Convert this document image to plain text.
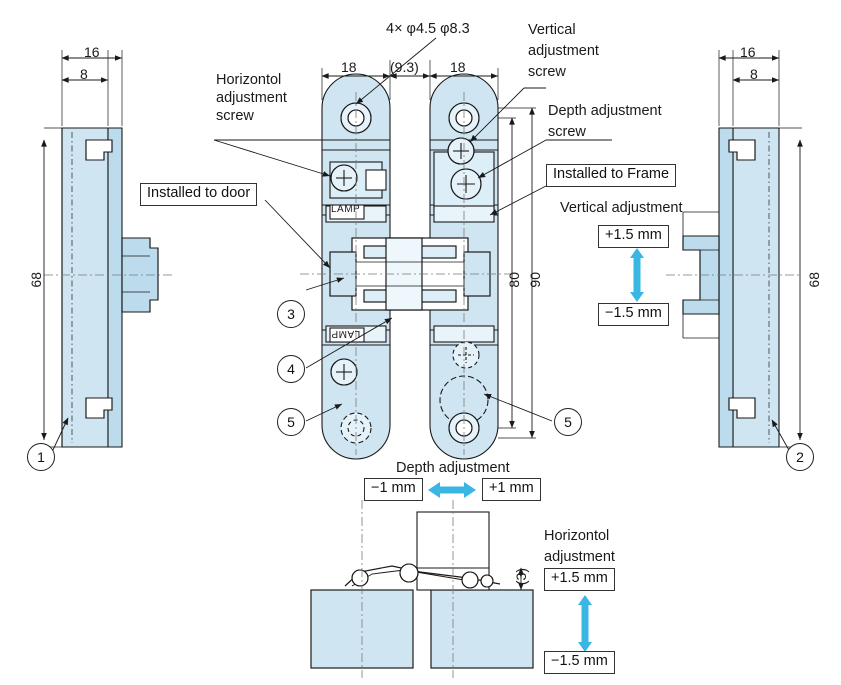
4× φ4.5 φ8.3
Horizontol
adjustment
screw
Vertical
adjustment
screw
Depth adjustment
screw
Installed to door
Installed to Frame
Vertical adjustment
+1.5 mm
−1.5 mm
Depth adjustment
−1 mm	+1 mm
Horizontol
adjustment
+1.5 mm
−1.5 mm
16
8
68
16
8
68
18 (9.3) 18
80 90
(3)
3
4
5	5
1	2
LAMP
LAMP
